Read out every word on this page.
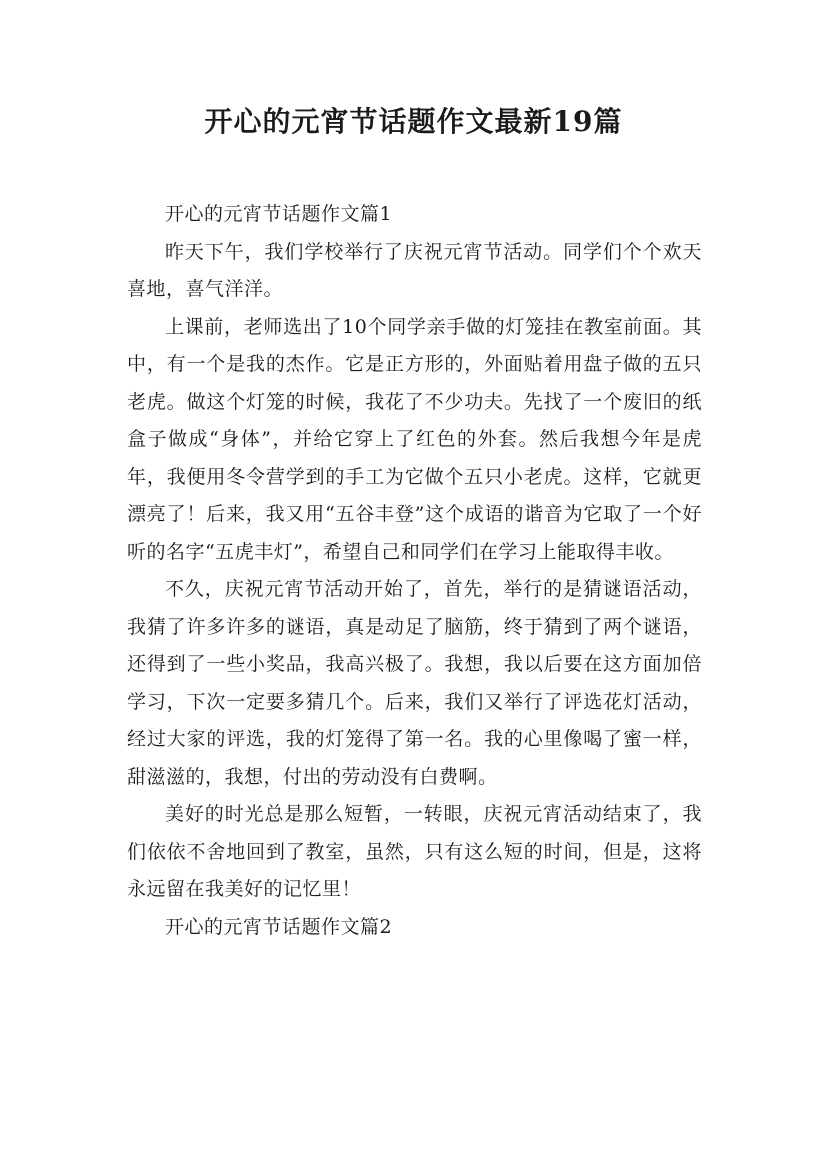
开心的元宵节话题作文最新19篇

开心的元宵节话题作文篇1

昨天下午，我们学校举行了庆祝元宵节活动。同学们个个欢天喜地，喜气洋洋。

上课前，老师选出了10个同学亲手做的灯笼挂在教室前面。其中，有一个是我的杰作。它是正方形的，外面贴着用盘子做的五只老虎。做这个灯笼的时候，我花了不少功夫。先找了一个废旧的纸盒子做成“身体”，并给它穿上了红色的外套。然后我想今年是虎年，我便用冬令营学到的手工为它做个五只小老虎。这样，它就更漂亮了！后来，我又用“五谷丰登”这个成语的谐音为它取了一个好听的名字“五虎丰灯”，希望自己和同学们在学习上能取得丰收。

不久，庆祝元宵节活动开始了，首先，举行的是猜谜语活动，我猜了许多许多的谜语，真是动足了脑筋，终于猜到了两个谜语，还得到了一些小奖品，我高兴极了。我想，我以后要在这方面加倍学习，下次一定要多猜几个。后来，我们又举行了评选花灯活动，经过大家的评选，我的灯笼得了第一名。我的心里像喝了蜜一样，甜滋滋的，我想，付出的劳动没有白费啊。

美好的时光总是那么短暂，一转眼，庆祝元宵活动结束了，我们依依不舍地回到了教室，虽然，只有这么短的时间，但是，这将永远留在我美好的记忆里！

开心的元宵节话题作文篇2
